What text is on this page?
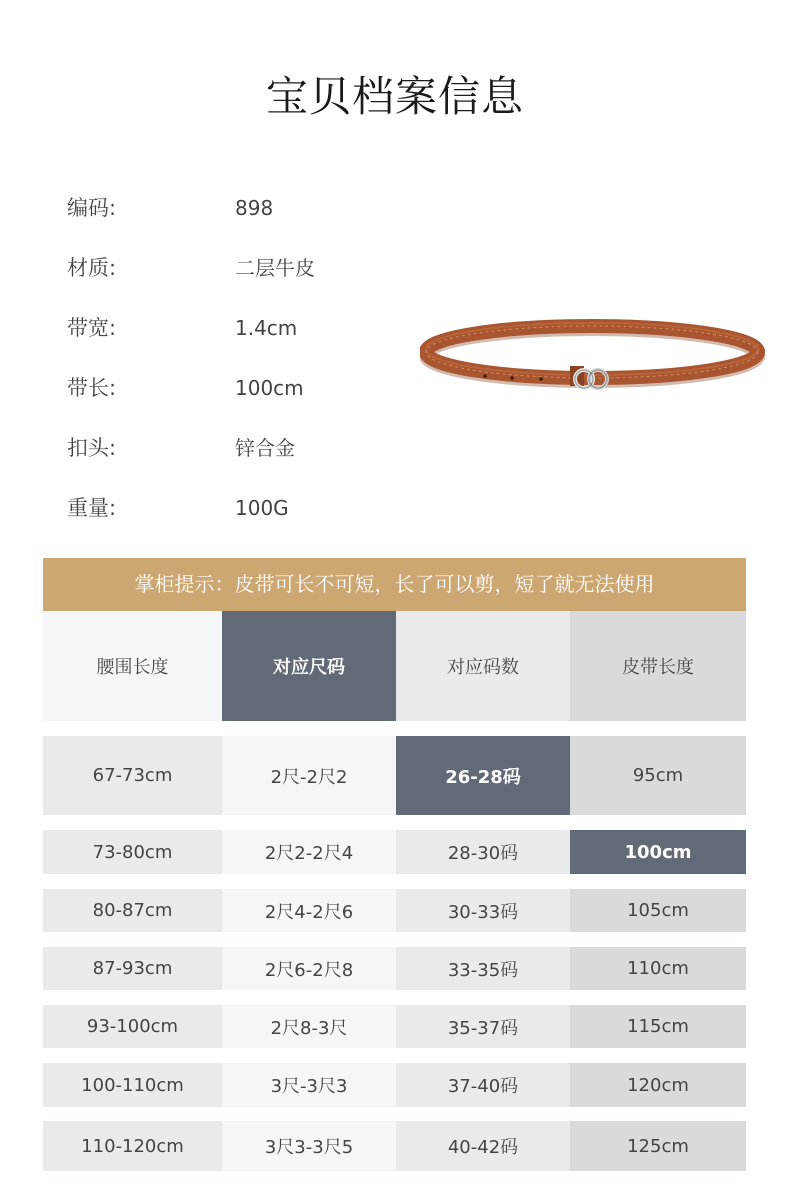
宝贝档案信息
编码:	898
材质:	二层牛皮
带宽:	1.4cm
带长:	100cm
扣头:	锌合金
重量:	100G
掌柜提示：皮带可长不可短，长了可以剪，短了就无法使用
腰围长度	对应尺码	对应码数	皮带长度
67-73cm	2尺-2尺2	26-28码	95cm
73-80cm	2尺2-2尺4	28-30码	100cm
80-87cm	2尺4-2尺6	30-33码	105cm
87-93cm	2尺6-2尺8	33-35码	110cm
93-100cm	2尺8-3尺	35-37码	115cm
100-110cm	3尺-3尺3	37-40码	120cm
110-120cm	3尺3-3尺5	40-42码	125cm
